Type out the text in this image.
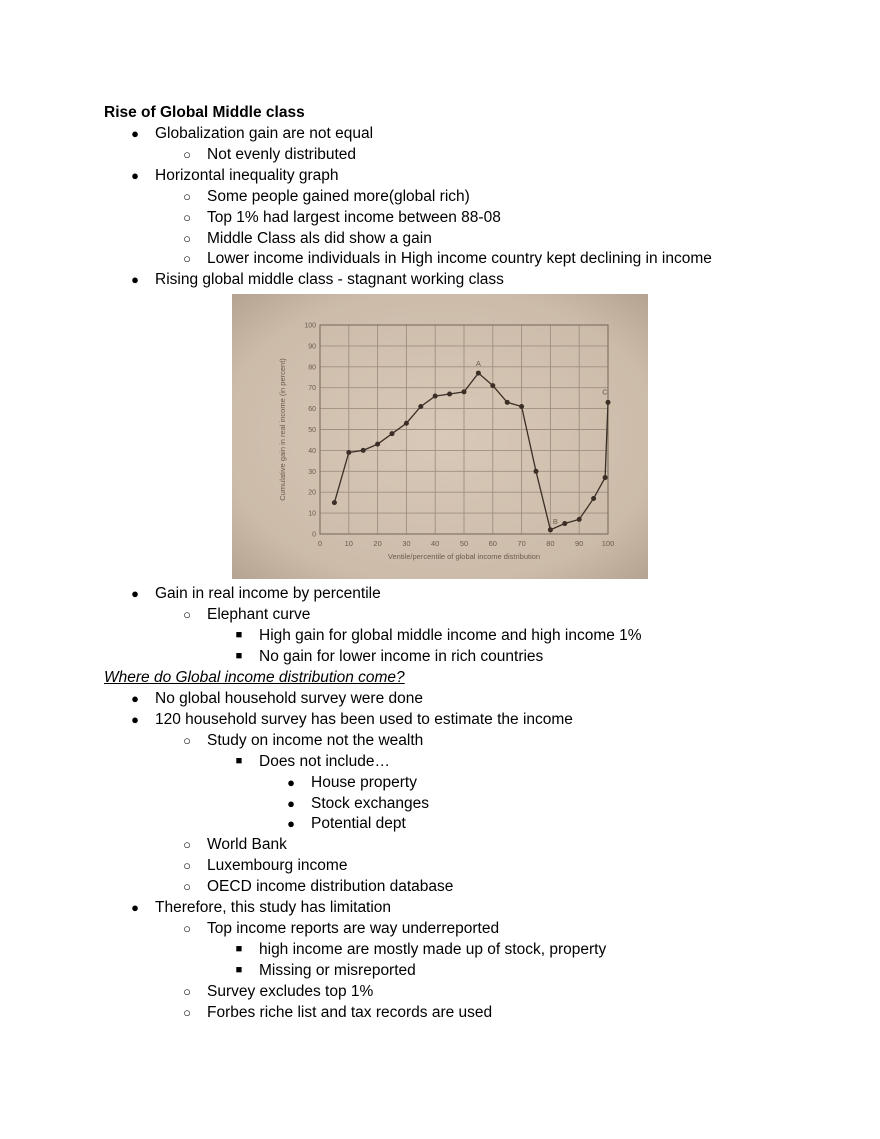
Rise of Global Middle class
●	Globalization gain are not equal
○	Not evenly distributed
●	Horizontal inequality graph
○	Some people gained more(global rich)
○	Top 1% had largest income between 88-08
○	Middle Class als did show a gain
○	Lower income individuals in High income country kept declining in income
●	Rising global middle class - stagnant working class
0	10	20	30	40	50	60	70	80	90 100
0
10
20
30
40
50
60
70
80
90
100
Ventile/percentile of global income distribution
Cumulative gain in real income (in percent)	A
B
C
●	Gain in real income by percentile
○	Elephant curve
■	High gain for global middle income and high income 1%
■	No gain for lower income in rich countries
Where do Global income distribution come?
●	No global household survey were done
●	120 household survey has been used to estimate the income
○	Study on income not the wealth
■	Does not include…
●	House property
●	Stock exchanges
●	Potential dept
○	World Bank
○	Luxembourg income
○	OECD income distribution database
●	Therefore, this study has limitation
○	Top income reports are way underreported
■	high income are mostly made up of stock, property
■	Missing or misreported
○	Survey excludes top 1%
○	Forbes riche list and tax records are used
